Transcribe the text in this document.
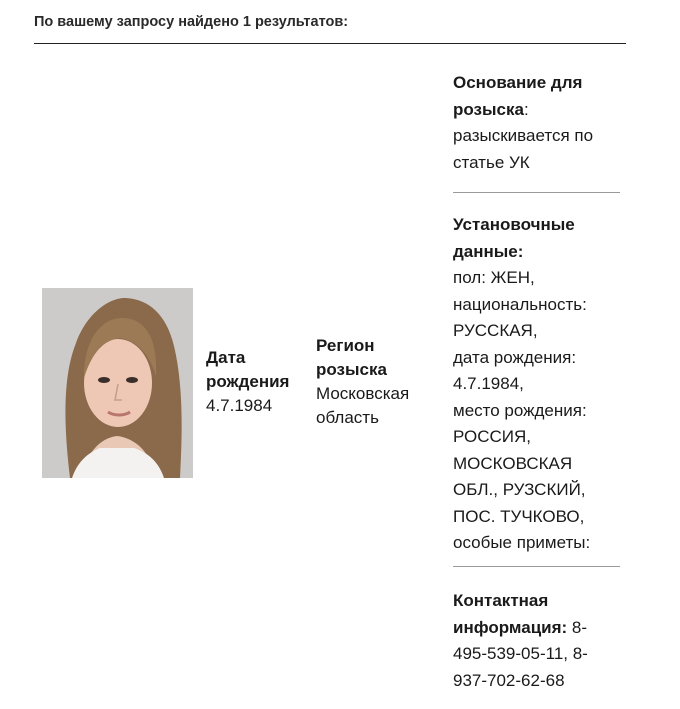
По вашему запросу найдено 1 результатов:
Дата
рождения
4.7.1984
Регион
розыска
Московская
область
Основание для
розыска:
разыскивается по
статье УК
Установочные
данные:
пол: ЖЕН,
национальность:
РУССКАЯ,
дата рождения:
4.7.1984,
место рождения:
РОССИЯ,
МОСКОВСКАЯ
ОБЛ., РУЗСКИЙ,
ПОС. ТУЧКОВО,
особые приметы:
Контактная
информация: 8-
495-539-05-11, 8-
937-702-62-68
